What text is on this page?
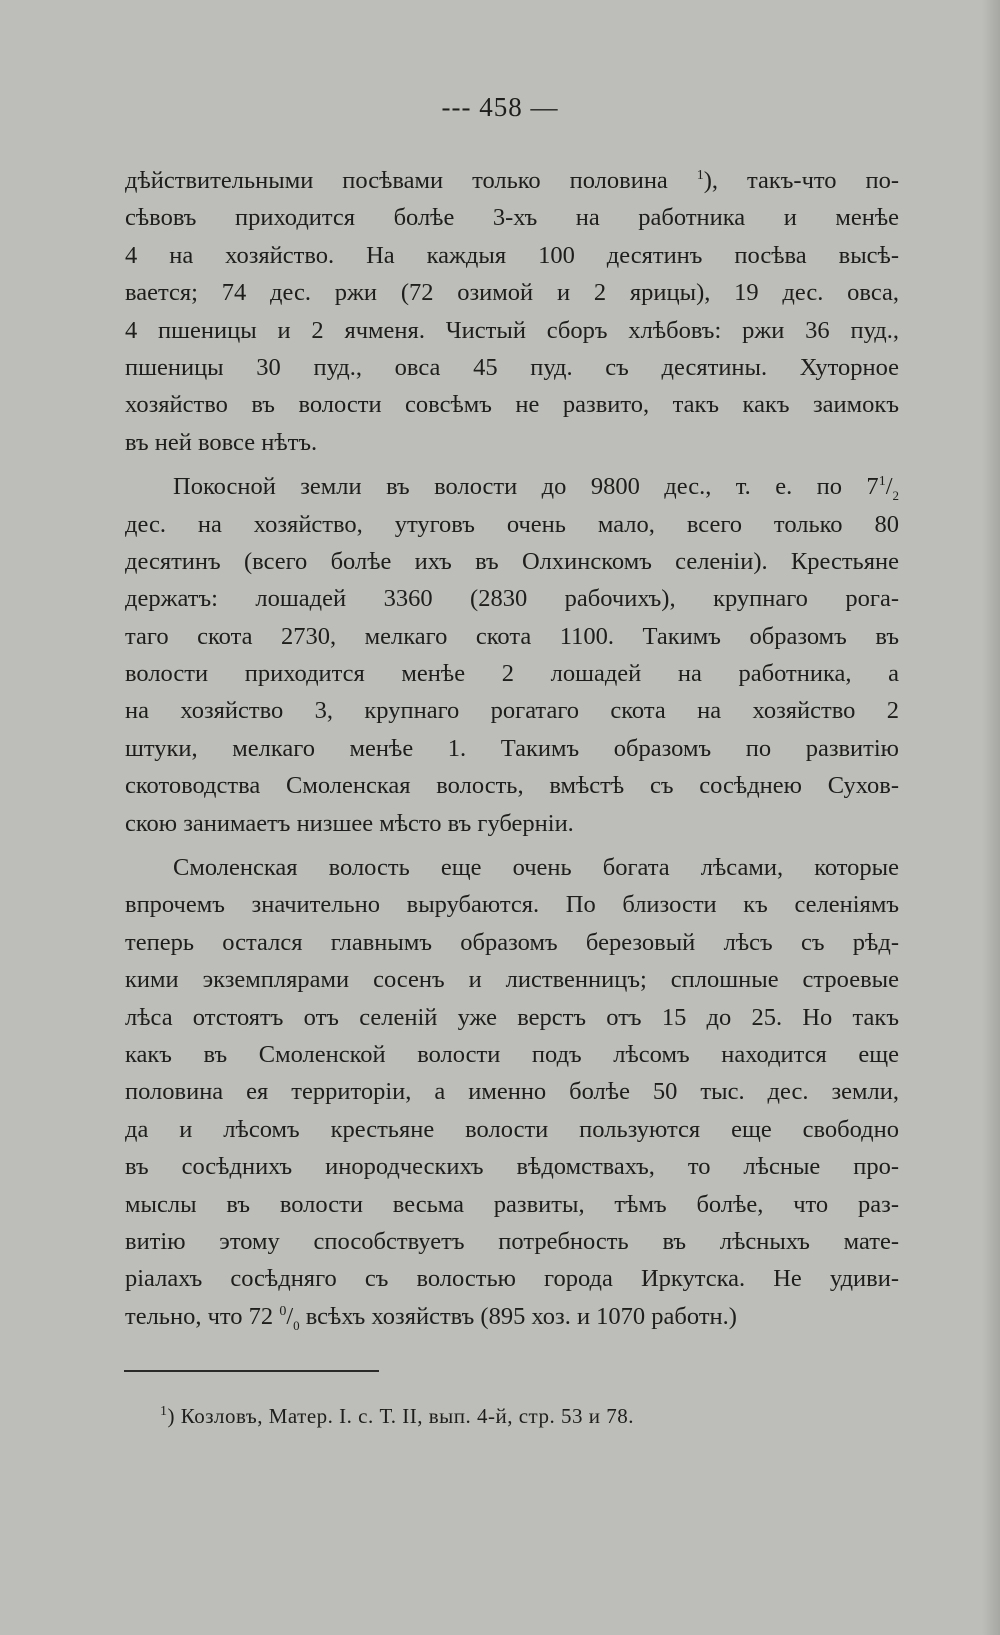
--- 458 —
дѣйствительными посѣвами только половина $^1$), такъ-что по-
сѣвовъ приходится болѣе 3-хъ на работника и менѣе
4 на хозяйство. На каждыя 100 десятинъ посѣва высѣ-
вается; 74 дес. ржи (72 озимой и 2 ярицы), 19 дес. овса,
4 пшеницы и 2 ячменя. Чистый сборъ хлѣбовъ: ржи 36 пуд.,
пшеницы 30 пуд., овса 45 пуд. съ десятины. Хуторное
хозяйство въ волости совсѣмъ не развито, такъ какъ заимокъ
въ ней вовсе нѣтъ.
Покосной земли въ волости до 9800 дес., т. е. по $7^1/_2$
дес. на хозяйство, утуговъ очень мало, всего только 80
десятинъ (всего болѣе ихъ въ Олхинскомъ селеніи). Крестьяне
держатъ: лошадей 3360 (2830 рабочихъ), крупнаго рога-
таго скота 2730, мелкаго скота 1100. Такимъ образомъ въ
волости приходится менѣе 2 лошадей на работника, а
на хозяйство 3, крупнаго рогатаго скота на хозяйство 2
штуки, мелкаго менѣе 1. Такимъ образомъ по развитію
скотоводства Смоленская волость, вмѣстѣ съ сосѣднею Сухов-
скою занимаетъ низшее мѣсто въ губерніи.
Смоленская волость еще очень богата лѣсами, которые
впрочемъ значительно вырубаются. По близости къ селеніямъ
теперь остался главнымъ образомъ березовый лѣсъ съ рѣд-
кими экземплярами сосенъ и лиственницъ; сплошные строевые
лѣса отстоятъ отъ селеній уже верстъ отъ 15 до 25. Но такъ
какъ въ Смоленской волости подъ лѣсомъ находится еще
половина ея территоріи, а именно болѣе 50 тыс. дес. земли,
да и лѣсомъ крестьяне волости пользуются еще свободно
въ сосѣднихъ инородческихъ вѣдомствахъ, то лѣсные про-
мыслы въ волости весьма развиты, тѣмъ болѣе, что раз-
витію этому способствуетъ потребность въ лѣсныхъ мате-
ріалахъ сосѣдняго съ волостью города Иркутска. Не удиви-
тельно, что 72 $^0/_0$ всѣхъ хозяйствъ (895 хоз. и 1070 работн.)
$^1$) Козловъ, Матер. I. с. Т. II, вып. 4-й, стр. 53 и 78.
